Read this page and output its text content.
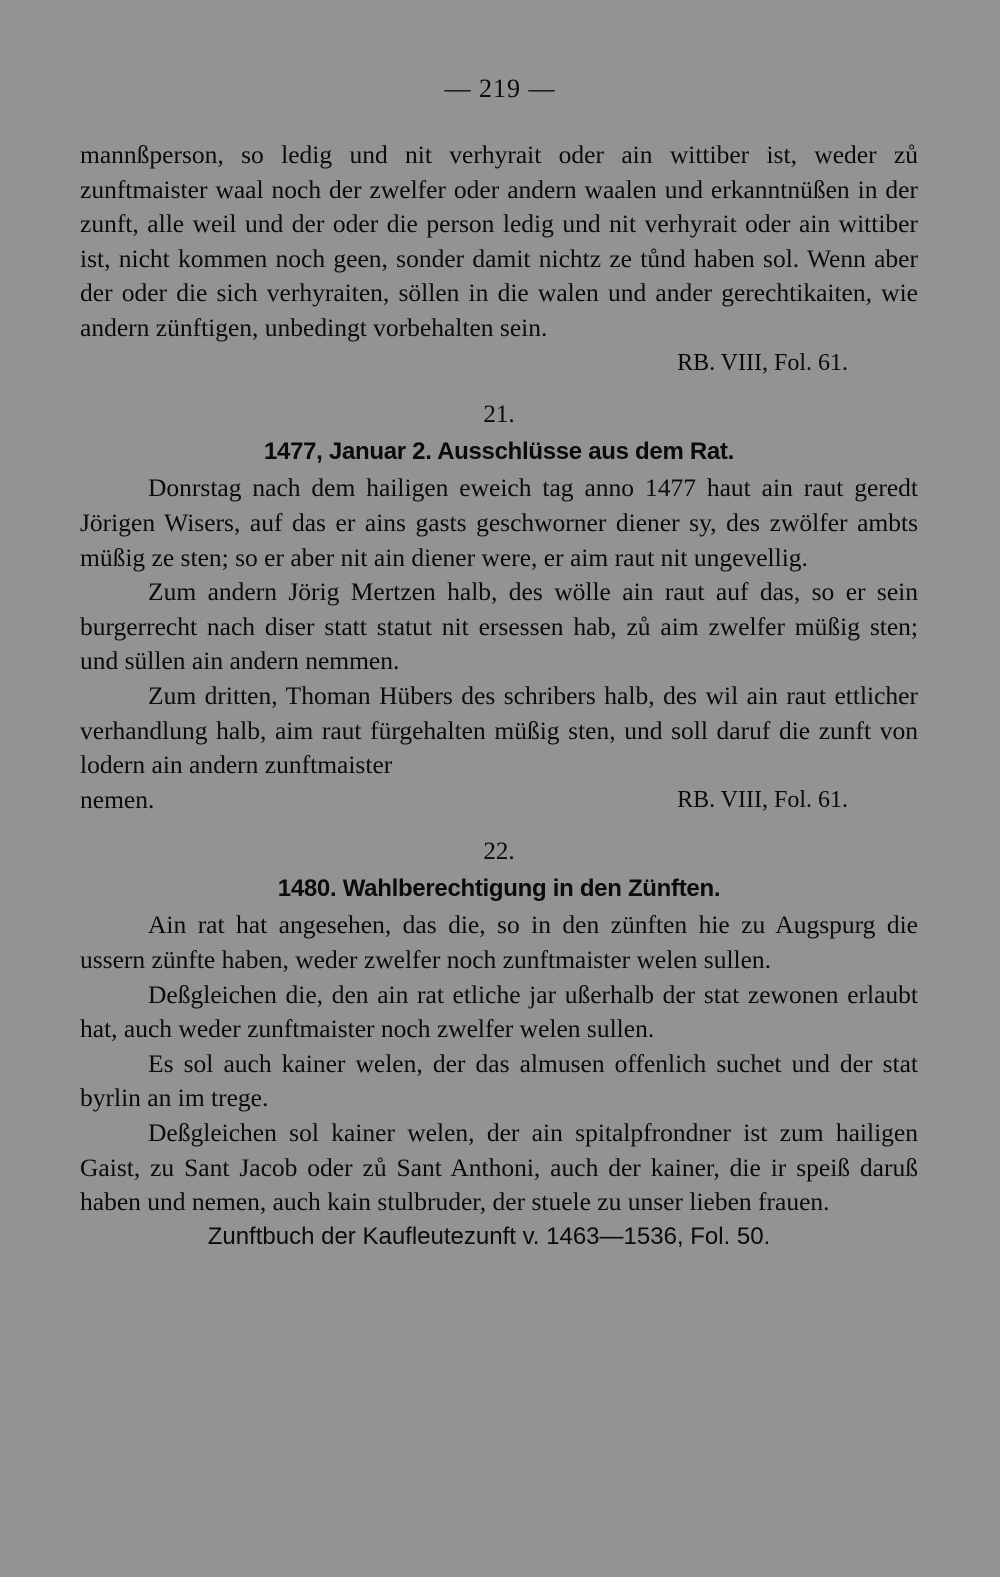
— 219 —

mannßperson, so ledig und nit verhyrait oder ain wittiber ist, weder zů zunftmaister waal noch der zwelfer oder andern waalen und erkanntnüßen in der zunft, alle weil und der oder die person ledig und nit verhyrait oder ain wittiber ist, nicht kommen noch geen, sonder damit nichtz ze tůnd haben sol. Wenn aber der oder die sich verhyraiten, söllen in die walen und ander gerechtikaiten, wie andern zünftigen, unbedingt vorbehalten sein.

RB. VIII, Fol. 61.

21.
1477, Januar 2. Ausschlüsse aus dem Rat.

Donrstag nach dem hailigen eweich tag anno 1477 haut ain raut geredt Jörigen Wisers, auf das er ains gasts geschworner diener sy, des zwölfer ambts müßig ze sten; so er aber nit ain diener were, er aim raut nit ungevellig.

Zum andern Jörig Mertzen halb, des wölle ain raut auf das, so er sein burgerrecht nach diser statt statut nit ersessen hab, zů aim zwelfer müßig sten; und süllen ain andern nemmen.

Zum dritten, Thoman Hübers des schribers halb, des wil ain raut ettlicher verhandlung halb, aim raut fürgehalten müßig sten, und soll daruf die zunft von lodern ain andern zunftmaister

nemen.	RB. VIII, Fol. 61.
22.
1480. Wahlberechtigung in den Zünften.

Ain rat hat angesehen, das die, so in den zünften hie zu Augspurg die ussern zünfte haben, weder zwelfer noch zunftmaister welen sullen.

Deßgleichen die, den ain rat etliche jar ußerhalb der stat zewonen erlaubt hat, auch weder zunftmaister noch zwelfer welen sullen.

Es sol auch kainer welen, der das almusen offenlich suchet und der stat byrlin an im trege.

Deßgleichen sol kainer welen, der ain spitalpfrondner ist zum hailigen Gaist, zu Sant Jacob oder zů Sant Anthoni, auch der kainer, die ir speiß daruß haben und nemen, auch kain stulbruder, der stuele zu unser lieben frauen.

Zunftbuch der Kaufleutezunft v. 1463—1536, Fol. 50.
